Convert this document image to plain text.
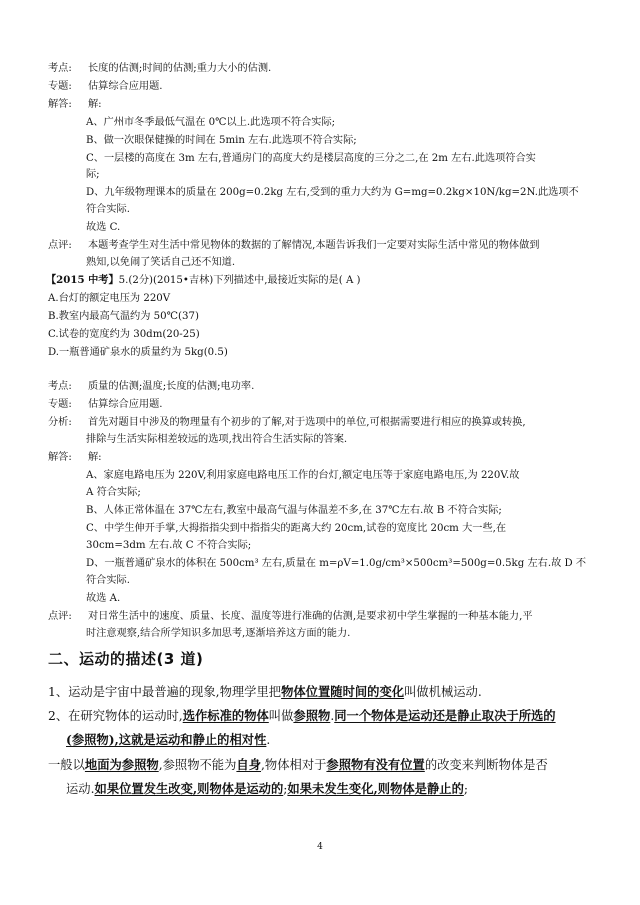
考点: 长度的估测;时间的估测;重力大小的估测.
专题: 估算综合应用题.
解答: 解:
A、广州市冬季最低气温在 0℃以上.此选项不符合实际;
B、做一次眼保健操的时间在 5min 左右.此选项不符合实际;
C、一层楼的高度在 3m 左右,普通房门的高度大约是楼层高度的三分之二,在 2m 左右.此选项符合实
际;
D、九年级物理课本的质量在 200g=0.2kg 左右,受到的重力大约为 G=mg=0.2kg×10N/kg=2N.此选项不
符合实际.
故选 C.
点评: 本题考查学生对生活中常见物体的数据的了解情况,本题告诉我们一定要对实际生活中常见的物体做到
熟知,以免闹了笑话自己还不知道.
【2015 中考】5.(2分)(2015•吉林)下列描述中,最接近实际的是( A )
A.台灯的额定电压为 220V
B.教室内最高气温约为 50℃(37)
C.试卷的宽度约为 30dm(20-25)
D.一瓶普通矿泉水的质量约为 5kg(0.5)
考点: 质量的估测;温度;长度的估测;电功率.
专题: 估算综合应用题.
分析: 首先对题目中涉及的物理量有个初步的了解,对于选项中的单位,可根据需要进行相应的换算或转换,
排除与生活实际相差较远的选项,找出符合生活实际的答案.
解答: 解:
A、家庭电路电压为 220V,利用家庭电路电压工作的台灯,额定电压等于家庭电路电压,为 220V.故
A 符合实际;
B、人体正常体温在 37℃左右,教室中最高气温与体温差不多,在 37℃左右.故 B 不符合实际;
C、中学生伸开手掌,大拇指指尖到中指指尖的距离大约 20cm,试卷的宽度比 20cm 大一些,在
30cm=3dm 左右.故 C 不符合实际;
D、一瓶普通矿泉水的体积在 500cm³ 左右,质量在 m=ρV=1.0g/cm³×500cm³=500g=0.5kg 左右.故 D 不
符合实际.
故选 A.
点评: 对日常生活中的速度、质量、长度、温度等进行准确的估测,是要求初中学生掌握的一种基本能力,平
时注意观察,结合所学知识多加思考,逐渐培养这方面的能力.
二、运动的描述(3 道)
1、运动是宇宙中最普遍的现象,物理学里把物体位置随时间的变化叫做机械运动.
2、在研究物体的运动时,选作标准的物体叫做参照物.同一个物体是运动还是静止取决于所选的
(参照物),这就是运动和静止的相对性.
一般以地面为参照物,参照物不能为自身,物体相对于参照物有没有位置的改变来判断物体是否
运动.如果位置发生改变,则物体是运动的;如果未发生变化,则物体是静止的;
4
